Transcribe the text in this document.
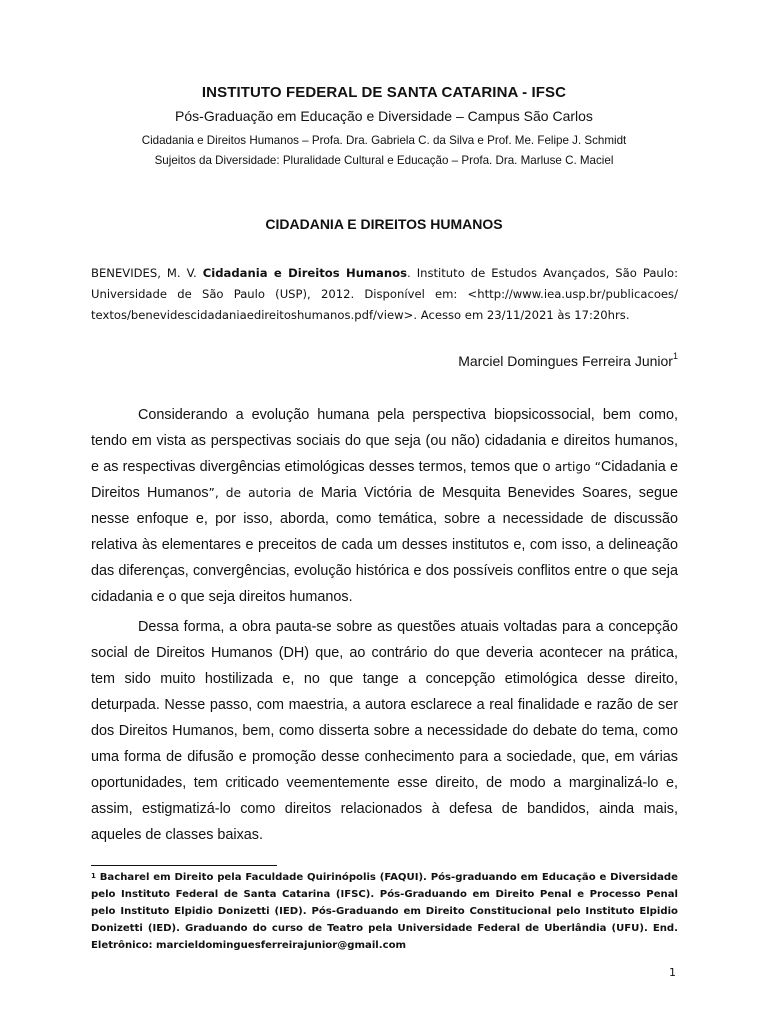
INSTITUTO FEDERAL DE SANTA CATARINA - IFSC
Pós-Graduação em Educação e Diversidade – Campus São Carlos
Cidadania e Direitos Humanos – Profa. Dra. Gabriela C. da Silva e Prof. Me. Felipe J. Schmidt
Sujeitos da Diversidade: Pluralidade Cultural e Educação – Profa. Dra. Marluse C. Maciel
CIDADANIA E DIREITOS HUMANOS
BENEVIDES, M. V. Cidadania e Direitos Humanos. Instituto de Estudos Avançados, São Paulo: Universidade de São Paulo (USP), 2012. Disponível em: <http://www.iea.usp.br/publicacoes/ textos/benevidescidadaniaedireitoshumanos.pdf/view>. Acesso em 23/11/2021 às 17:20hrs.
Marciel Domingues Ferreira Junior$^1$
Considerando a evolução humana pela perspectiva biopsicossocial, bem como, tendo em vista as perspectivas sociais do que seja (ou não) cidadania e direitos humanos, e as respectivas divergências etimológicas desses termos, temos que o artigo “Cidadania e Direitos Humanos”, de autoria de Maria Victória de Mesquita Benevides Soares, segue nesse enfoque e, por isso, aborda, como temática, sobre a necessidade de discussão relativa às elementares e preceitos de cada um desses institutos e, com isso, a delineação das diferenças, convergências, evolução histórica e dos possíveis conflitos entre o que seja cidadania e o que seja direitos humanos.
Dessa forma, a obra pauta-se sobre as questões atuais voltadas para a concepção social de Direitos Humanos (DH) que, ao contrário do que deveria acontecer na prática, tem sido muito hostilizada e, no que tange a concepção etimológica desse direito, deturpada. Nesse passo, com maestria, a autora esclarece a real finalidade e razão de ser dos Direitos Humanos, bem, como disserta sobre a necessidade do debate do tema, como uma forma de difusão e promoção desse conhecimento para a sociedade, que, em várias oportunidades, tem criticado veementemente esse direito, de modo a marginalizá-lo e, assim, estigmatizá-lo como direitos relacionados à defesa de bandidos, ainda mais, aqueles de classes baixas.
$^1$ Bacharel em Direito pela Faculdade Quirinópolis (FAQUI). Pós-graduando em Educação e Diversidade pelo Instituto Federal de Santa Catarina (IFSC). Pós-Graduando em Direito Penal e Processo Penal pelo Instituto Elpidio Donizetti (IED). Pós-Graduando em Direito Constitucional pelo Instituto Elpidio Donizetti (IED). Graduando do curso de Teatro pela Universidade Federal de Uberlândia (UFU). End. Eletrônico: marcieldominguesferreirajunior@gmail.com
1
